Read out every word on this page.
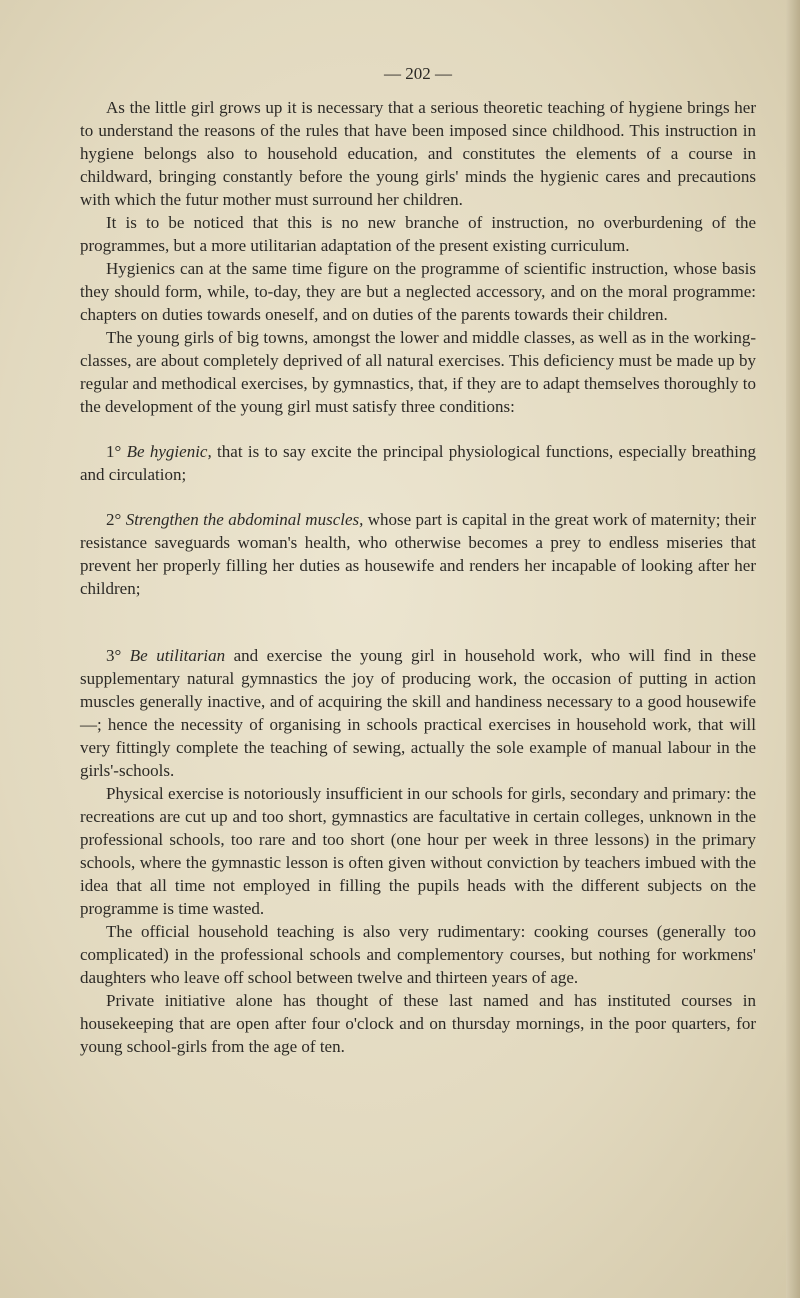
— 202 —

As the little girl grows up it is necessary that a serious theoretic teaching of hygiene brings her to understand the reasons of the rules that have been imposed since childhood. This instruction in hygiene belongs also to household education, and constitutes the elements of a course in childward, bringing constantly before the young girls' minds the hygienic cares and precautions with which the futur mother must surround her children.

It is to be noticed that this is no new branche of instruction, no overburdening of the programmes, but a more utilitarian adaptation of the present existing curriculum.

Hygienics can at the same time figure on the programme of scientific instruction, whose basis they should form, while, to-day, they are but a neglected accessory, and on the moral programme: chapters on duties towards oneself, and on duties of the parents towards their children.

The young girls of big towns, amongst the lower and middle classes, as well as in the working-classes, are about completely deprived of all natural exercises. This deficiency must be made up by regular and methodical exercises, by gymnastics, that, if they are to adapt themselves thoroughly to the development of the young girl must satisfy three conditions:

1° Be hygienic, that is to say excite the principal physiological functions, especially breathing and circulation;

2° Strengthen the abdominal muscles, whose part is capital in the great work of maternity; their resistance saveguards woman's health, who otherwise becomes a prey to endless miseries that prevent her properly filling her duties as housewife and renders her incapable of looking after her children;

3° Be utilitarian and exercise the young girl in household work, who will find in these supplementary natural gymnastics the joy of producing work, the occasion of putting in action muscles generally inactive, and of acquiring the skill and handiness necessary to a good housewife —; hence the necessity of organising in schools practical exercises in household work, that will very fittingly complete the teaching of sewing, actually the sole example of manual labour in the girls'-schools.

Physical exercise is notoriously insufficient in our schools for girls, secondary and primary: the recreations are cut up and too short, gymnastics are facultative in certain colleges, unknown in the professional schools, too rare and too short (one hour per week in three lessons) in the primary schools, where the gymnastic lesson is often given without conviction by teachers imbued with the idea that all time not employed in filling the pupils heads with the different subjects on the programme is time wasted.

The official household teaching is also very rudimentary: cooking courses (generally too complicated) in the professional schools and complementory courses, but nothing for workmens' daughters who leave off school between twelve and thirteen years of age.

Private initiative alone has thought of these last named and has instituted courses in housekeeping that are open after four o'clock and on thursday mornings, in the poor quarters, for young school-girls from the age of ten.
